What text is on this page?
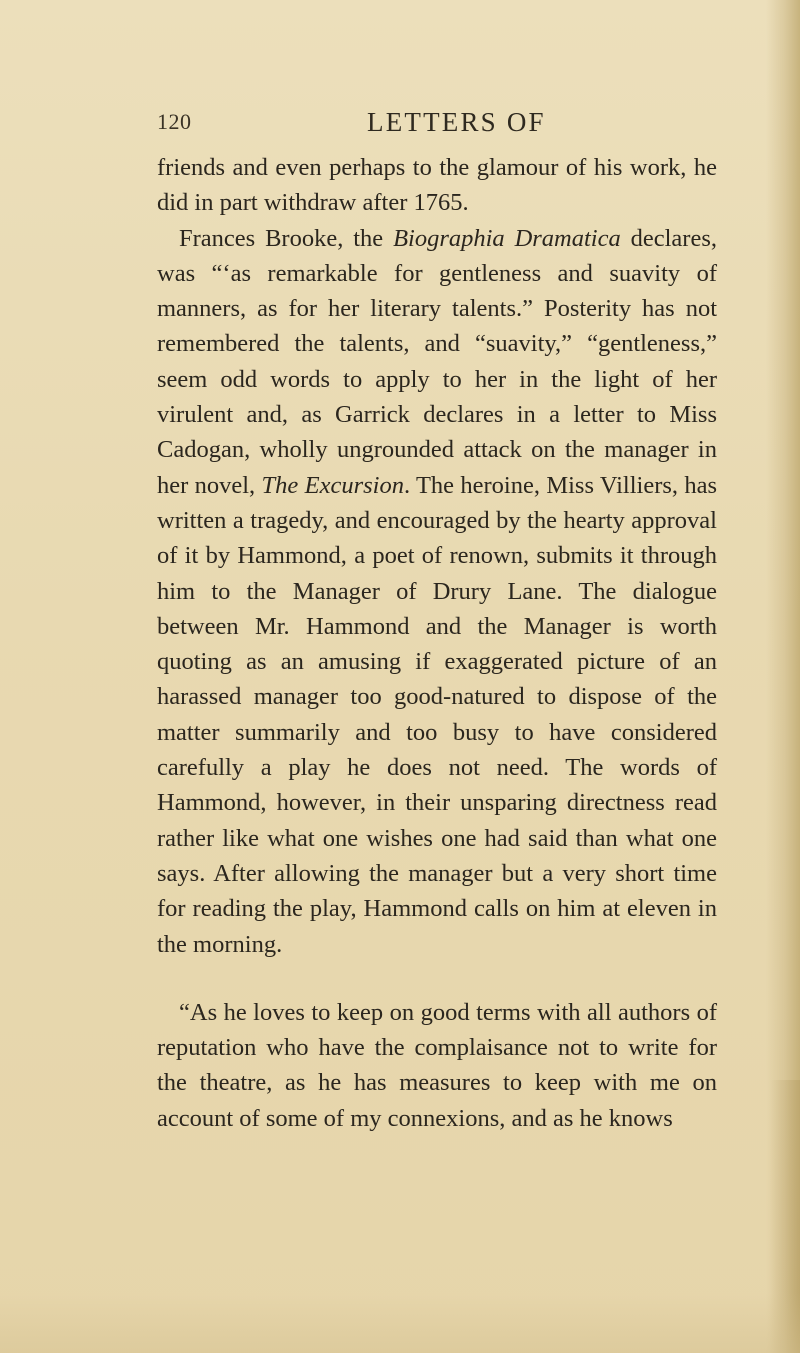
120	LETTERS OF

friends and even perhaps to the glamour of his work, he did in part withdraw after 1765.

Frances Brooke, the Biographia Dramatica declares, was “‘as remarkable for gentleness and suavity of manners, as for her literary talents.” Posterity has not remembered the talents, and “suavity,” “gentleness,” seem odd words to apply to her in the light of her virulent and, as Garrick declares in a letter to Miss Cadogan, wholly ungrounded attack on the manager in her novel, The Excursion. The heroine, Miss Villiers, has written a tragedy, and encouraged by the hearty approval of it by Hammond, a poet of renown, submits it through him to the Manager of Drury Lane. The dialogue between Mr. Hammond and the Manager is worth quoting as an amusing if exaggerated picture of an harassed manager too good-natured to dispose of the matter summarily and too busy to have considered carefully a play he does not need. The words of Hammond, however, in their unsparing directness read rather like what one wishes one had said than what one says. After allowing the manager but a very short time for reading the play, Hammond calls on him at eleven in the morning.

“As he loves to keep on good terms with all authors of reputation who have the complaisance not to write for the theatre, as he has measures to keep with me on account of some of my connexions, and as he knows
